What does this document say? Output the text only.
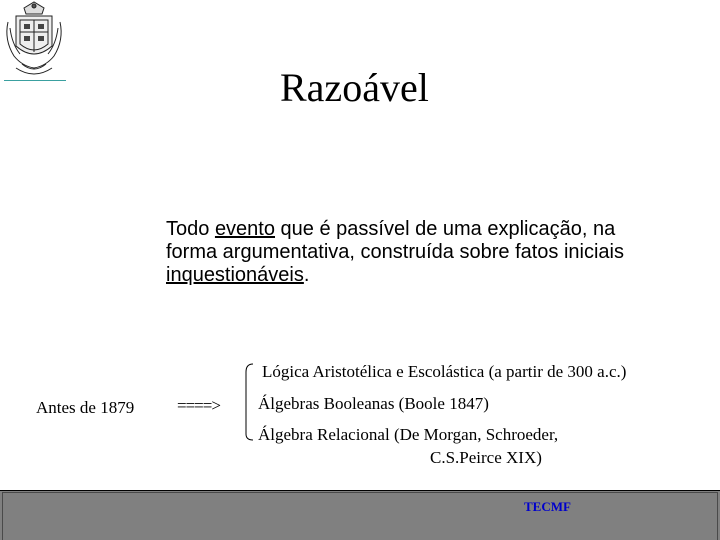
Razoável
Todo evento que é passível de uma explicação, na forma argumentativa, construída sobre fatos iniciais inquestionáveis.
Antes de 1879	====>
Lógica Aristotélica e Escolástica (a partir de 300 a.c.)
Álgebras Booleanas (Boole 1847)
Álgebra Relacional (De Morgan, Schroeder,
C.S.Peirce XIX)
TECMF
